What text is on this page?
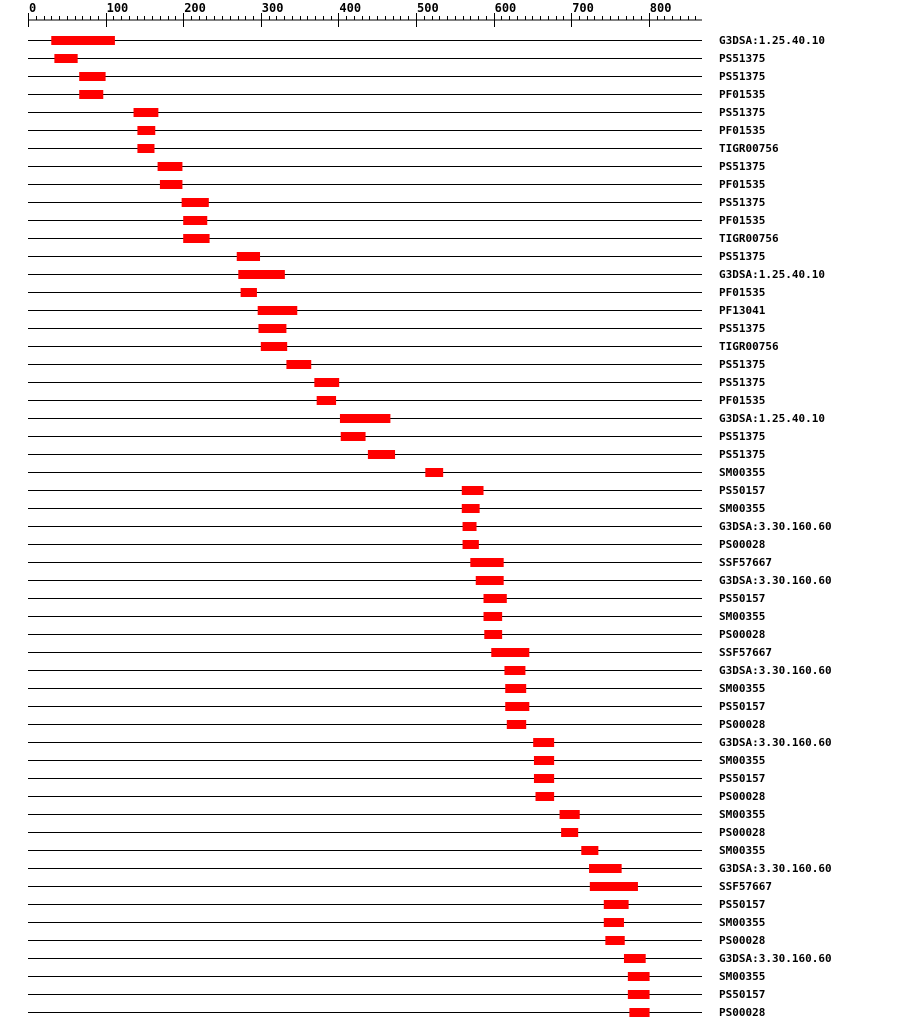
0	100	200	300	400	500	600	700	800
G3DSA:1.25.40.10
PS51375
PS51375
PF01535
PS51375
PF01535
TIGR00756
PS51375
PF01535
PS51375
PF01535
TIGR00756
PS51375
G3DSA:1.25.40.10
PF01535
PF13041
PS51375
TIGR00756
PS51375
PS51375
PF01535
G3DSA:1.25.40.10
PS51375
PS51375
SM00355
PS50157
SM00355
G3DSA:3.30.160.60
PS00028
SSF57667
G3DSA:3.30.160.60
PS50157
SM00355
PS00028
SSF57667
G3DSA:3.30.160.60
SM00355
PS50157
PS00028
G3DSA:3.30.160.60
SM00355
PS50157
PS00028
SM00355
PS00028
SM00355
G3DSA:3.30.160.60
SSF57667
PS50157
SM00355
PS00028
G3DSA:3.30.160.60
SM00355
PS50157
PS00028
